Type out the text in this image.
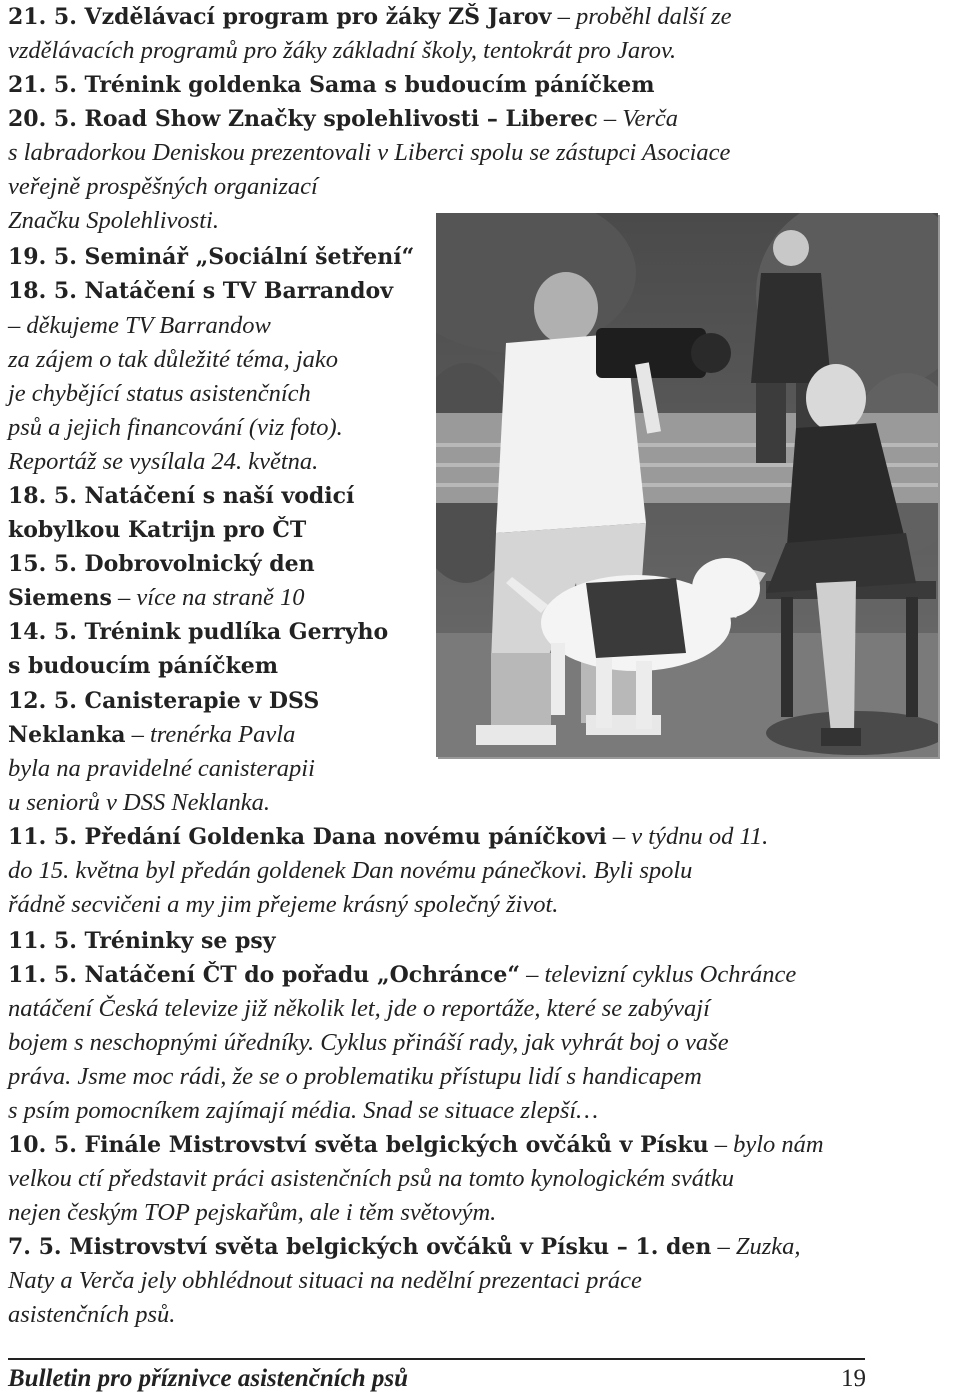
21. 5. Vzdělávací program pro žáky ZŠ Jarov – proběhl další ze

vzdělávacích programů pro žáky základní školy, tentokrát pro Jarov.

21. 5. Trénink goldenka Sama s budoucím páníčkem

20. 5. Road Show Značky spolehlivosti – Liberec – Verča

s labradorkou Deniskou prezentovali v Liberci spolu se zástupci Asociace

veřejně prospěšných organizací

Značku Spolehlivosti.

19. 5. Seminář „Sociální šetření“

18. 5. Natáčení s TV Barrandov

– děkujeme TV Barrandow

za zájem o tak důležité téma, jako

je chybějící status asistenčních

psů a jejich financování (viz foto).

Reportáž se vysílala 24. května.

18. 5. Natáčení s naší vodicí

kobylkou Katrijn pro ČT

15. 5. Dobrovolnický den

Siemens – více na straně 10

14. 5. Trénink pudlíka Gerryho

s budoucím páníčkem

12. 5. Canisterapie v DSS

Neklanka – trenérka Pavla

byla na pravidelné canisterapii

u seniorů v DSS Neklanka.

11. 5. Předání Goldenka Dana novému páníčkovi – v týdnu od 11.

do 15. května byl předán goldenek Dan novému pánečkovi. Byli spolu

řádně secvičeni a my jim přejeme krásný společný život.

11. 5. Tréninky se psy

11. 5. Natáčení ČT do pořadu „Ochránce“ – televizní cyklus Ochránce

natáčení Česká televize již několik let, jde o reportáže, které se zabývají

bojem s neschopnými úředníky. Cyklus přináší rady, jak vyhrát boj o vaše

práva. Jsme moc rádi, že se o problematiku přístupu lidí s handicapem

s psím pomocníkem zajímají média. Snad se situace zlepší…

10. 5. Finále Mistrovství světa belgických ovčáků v Písku – bylo nám

velkou ctí představit práci asistenčních psů na tomto kynologickém svátku

nejen českým TOP pejskařům, ale i těm světovým.

7. 5. Mistrovství světa belgických ovčáků v Písku – 1. den – Zuzka,

Naty a Verča jely obhlédnout situaci na nedělní prezentaci práce

asistenčních psů.

Bulletin pro příznivce asistenčních psů	19
